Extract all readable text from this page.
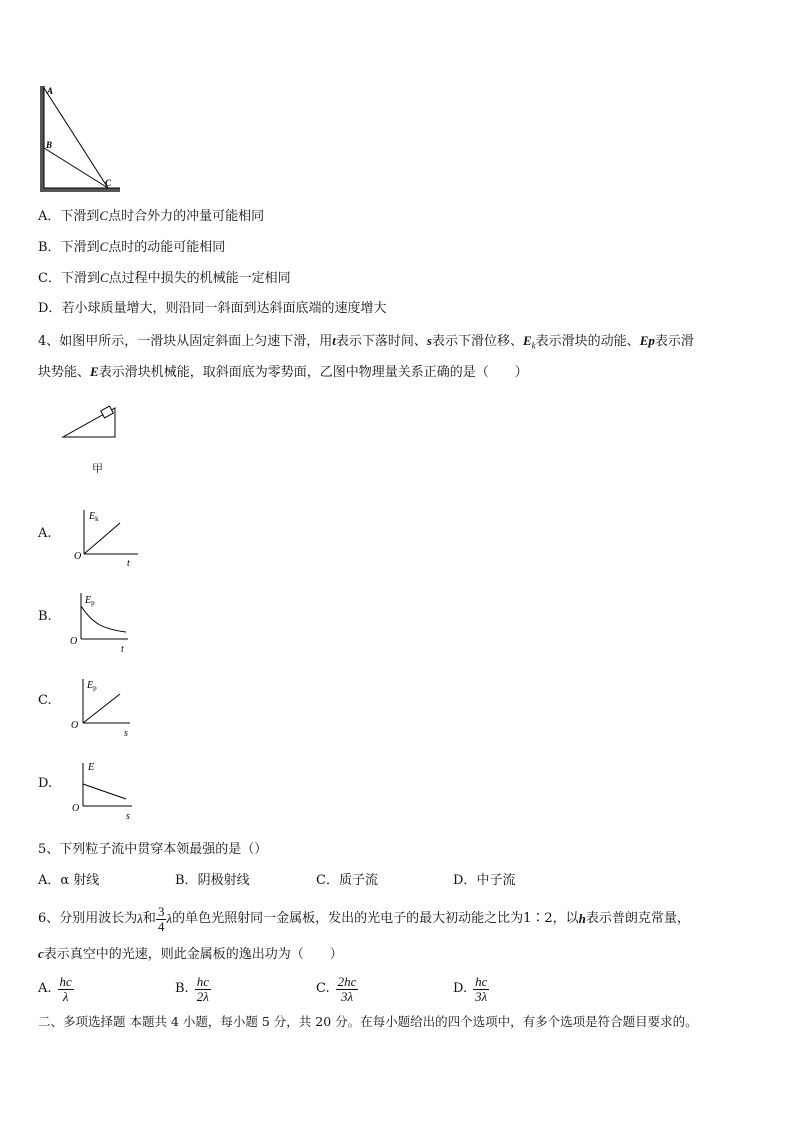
A
B
C
A．下滑到C点时合外力的冲量可能相同
B．下滑到C点时的动能可能相同
C．下滑到C点过程中损失的机械能一定相同
D．若小球质量增大，则沿同一斜面到达斜面底端的速度增大
4、如图甲所示，一滑块从固定斜面上匀速下滑，用t表示下落时间、s表示下滑位移、$E_k$表示滑块的动能、Ep表示滑
块势能、E表示滑块机械能，取斜面底为零势面，乙图中物理量关系正确的是（　　）
甲
A.
$E_k$
O
t
B.
$E_p$
O
t
C.
$E_p$
O
s
D.
E
O
s
5、下列粒子流中贯穿本领最强的是（）
A．α 射线	B．阴极射线	C．质子流	D．中子流
6、分别用波长为 λ 和 $\frac{3}{4}$ λ 的单色光照射同一金属板，发出的光电子的最大初动能之比为1∶2，以 h 表示普朗克常量，
c表示真空中的光速，则此金属板的逸出功为（　　）
A. $\frac{hc}{\lambda}$	B. $\frac{hc}{2\lambda}$	C. $\frac{2hc}{3\lambda}$	D. $\frac{hc}{3\lambda}$
二、多项选择题 本题共 4 小题，每小题 5 分，共 20 分。在每小题给出的四个选项中，有多个选项是符合题目要求的。
